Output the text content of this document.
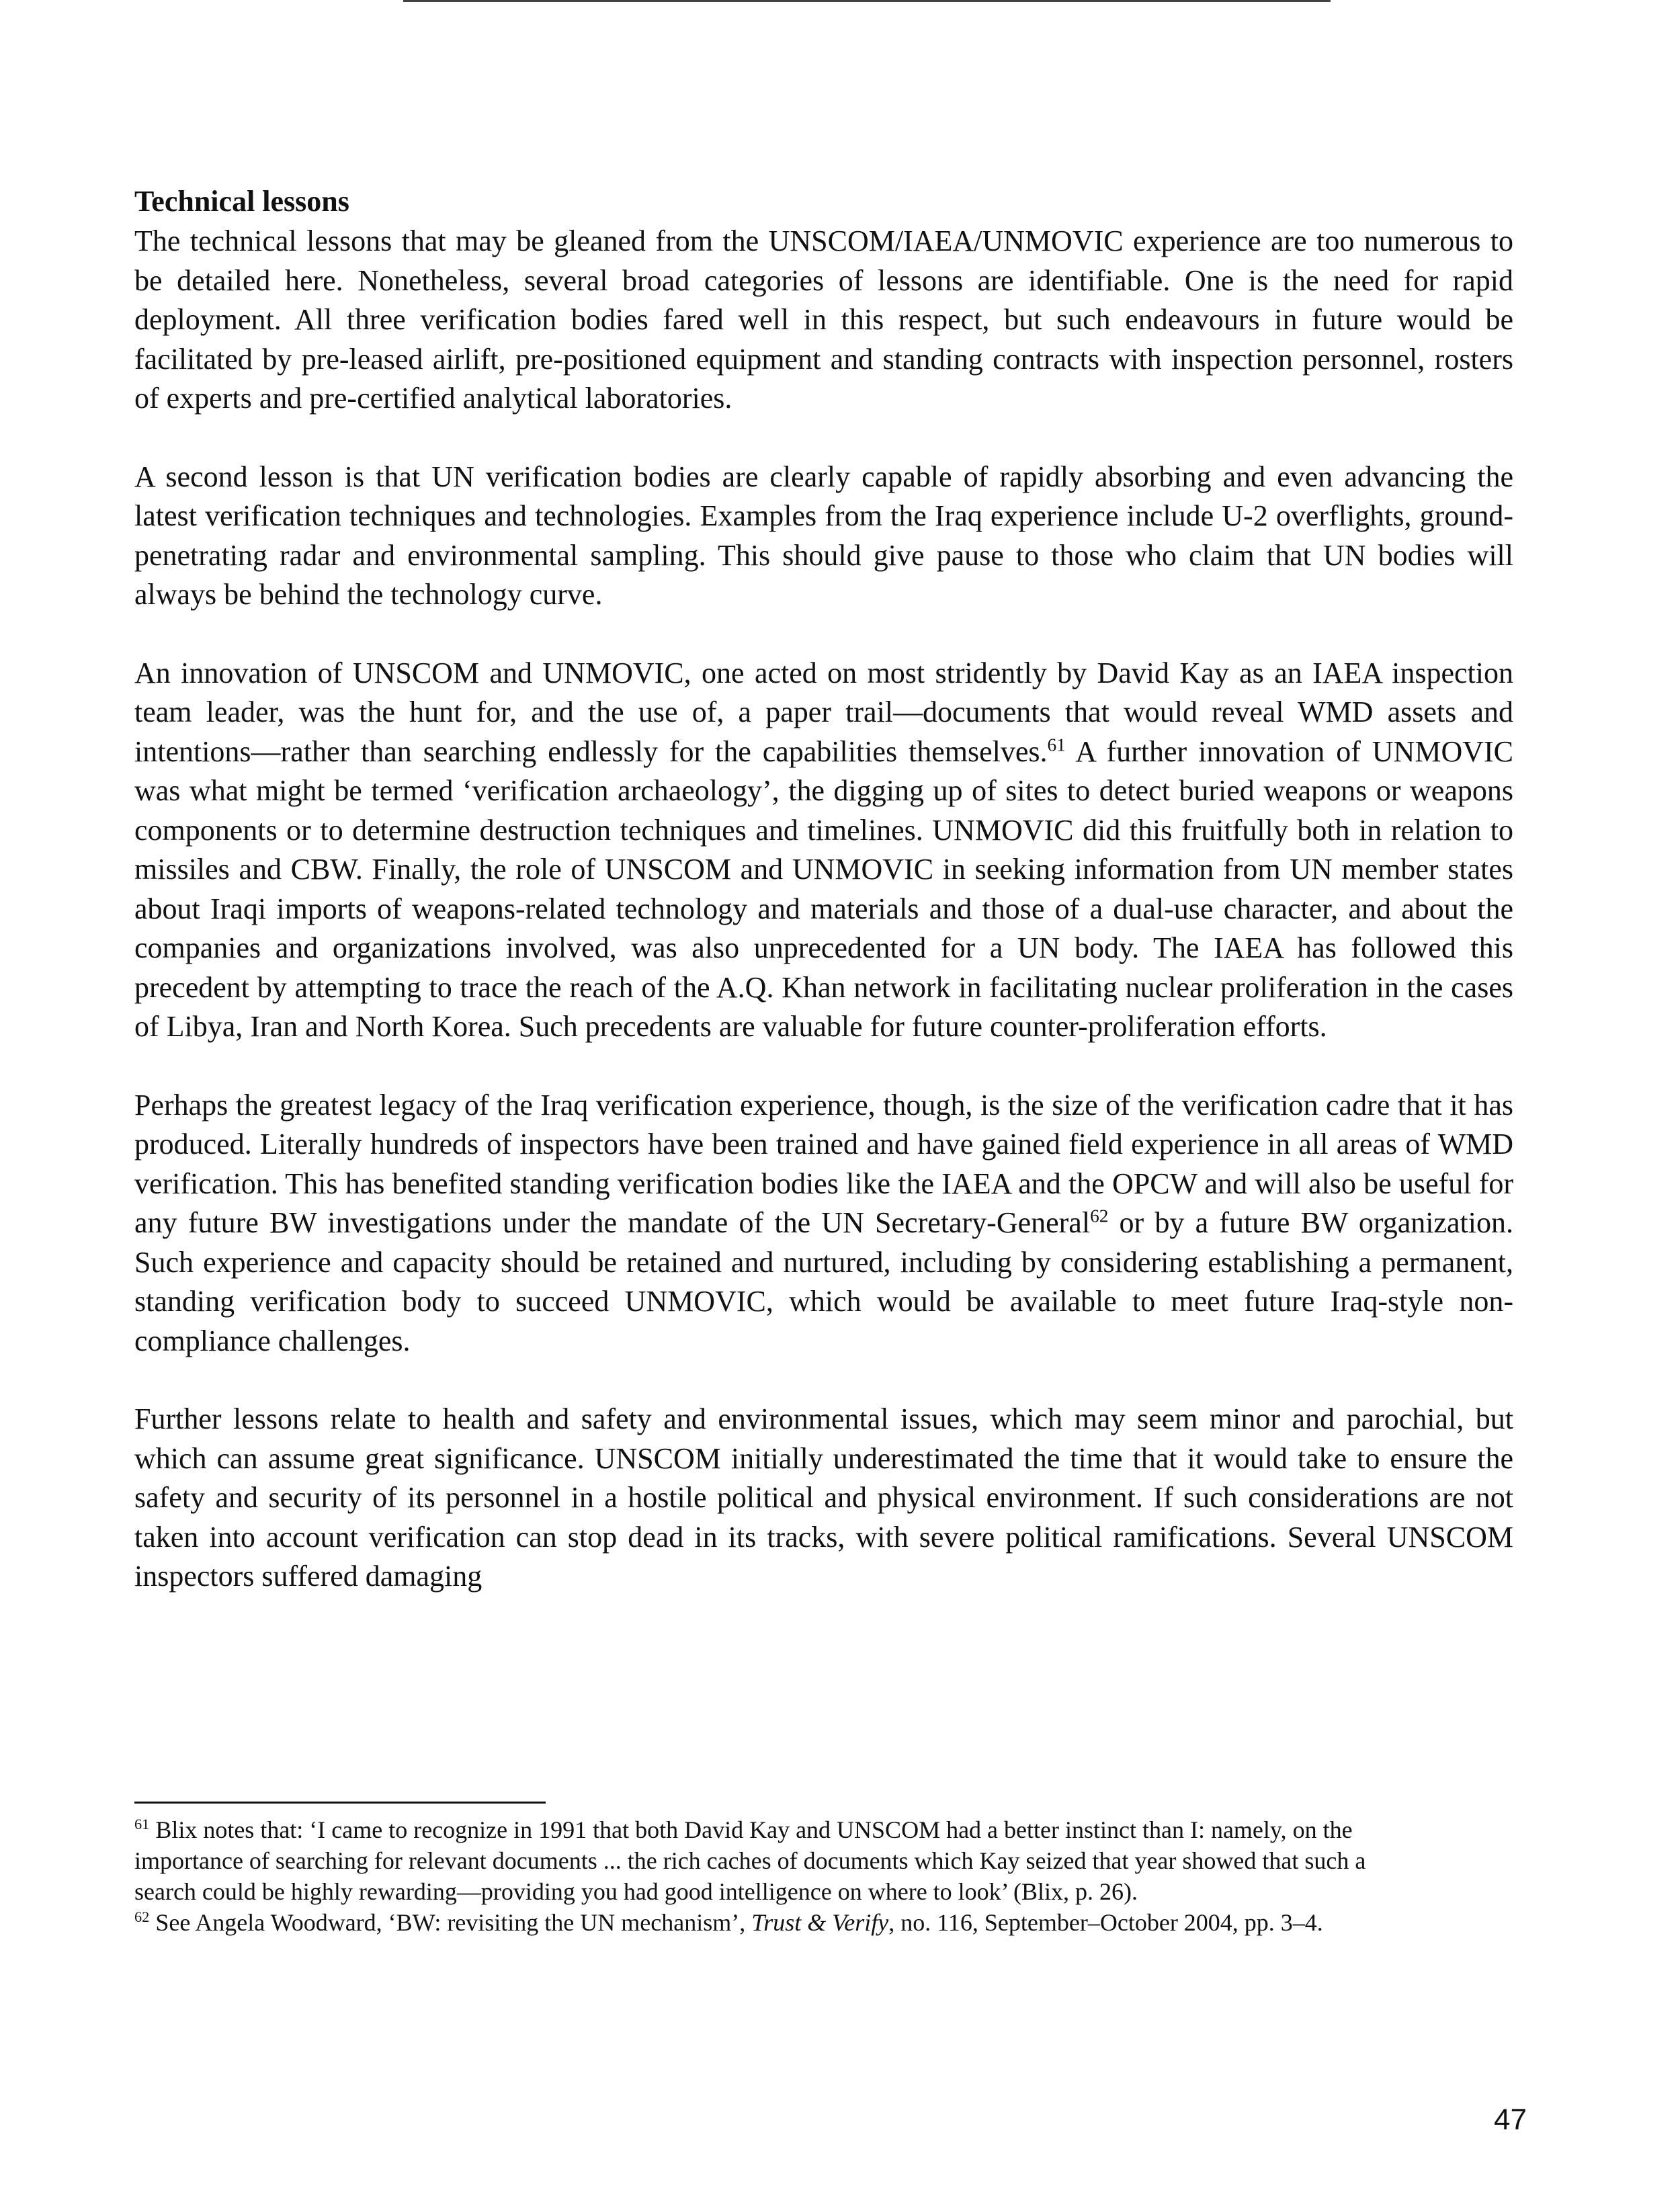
Technical lessons

The technical lessons that may be gleaned from the UNSCOM/IAEA/UNMOVIC experience are too numerous to be detailed here. Nonetheless, several broad categories of lessons are identifiable. One is the need for rapid deployment. All three verification bodies fared well in this respect, but such endeavours in future would be facilitated by pre-leased airlift, pre-positioned equipment and standing contracts with inspection personnel, rosters of experts and pre-certified analytical laboratories.

A second lesson is that UN verification bodies are clearly capable of rapidly absorbing and even advancing the latest verification techniques and technologies. Examples from the Iraq experience include U-2 overflights, ground-penetrating radar and environmental sampling. This should give pause to those who claim that UN bodies will always be behind the technology curve.

An innovation of UNSCOM and UNMOVIC, one acted on most stridently by David Kay as an IAEA inspection team leader, was the hunt for, and the use of, a paper trail—documents that would reveal WMD assets and intentions—rather than searching endlessly for the capabilities themselves.$^{61}$ A further innovation of UNMOVIC was what might be termed ‘verification archaeology’, the digging up of sites to detect buried weapons or weapons components or to determine destruction techniques and timelines. UNMOVIC did this fruitfully both in relation to missiles and CBW. Finally, the role of UNSCOM and UNMOVIC in seeking information from UN member states about Iraqi imports of weapons-related technology and materials and those of a dual-use character, and about the companies and organizations involved, was also unprecedented for a UN body. The IAEA has followed this precedent by attempting to trace the reach of the A.Q. Khan network in facilitating nuclear proliferation in the cases of Libya, Iran and North Korea. Such precedents are valuable for future counter-proliferation efforts.

Perhaps the greatest legacy of the Iraq verification experience, though, is the size of the verification cadre that it has produced. Literally hundreds of inspectors have been trained and have gained field experience in all areas of WMD verification. This has benefited standing verification bodies like the IAEA and the OPCW and will also be useful for any future BW investigations under the mandate of the UN Secretary-General$^{62}$ or by a future BW organization. Such experience and capacity should be retained and nurtured, including by considering establishing a permanent, standing verification body to succeed UNMOVIC, which would be available to meet future Iraq-style non-compliance challenges.

Further lessons relate to health and safety and environmental issues, which may seem minor and parochial, but which can assume great significance. UNSCOM initially underestimated the time that it would take to ensure the safety and security of its personnel in a hostile political and physical environment. If such considerations are not taken into account verification can stop dead in its tracks, with severe political ramifications. Several UNSCOM inspectors suffered damaging

$^{61}$ Blix notes that: ‘I came to recognize in 1991 that both David Kay and UNSCOM had a better instinct than I: namely, on the importance of searching for relevant documents ... the rich caches of documents which Kay seized that year showed that such a search could be highly rewarding—providing you had good intelligence on where to look’ (Blix, p. 26).

$^{62}$ See Angela Woodward, ‘BW: revisiting the UN mechanism’, Trust & Verify, no. 116, September–October 2004, pp. 3–4.

47
